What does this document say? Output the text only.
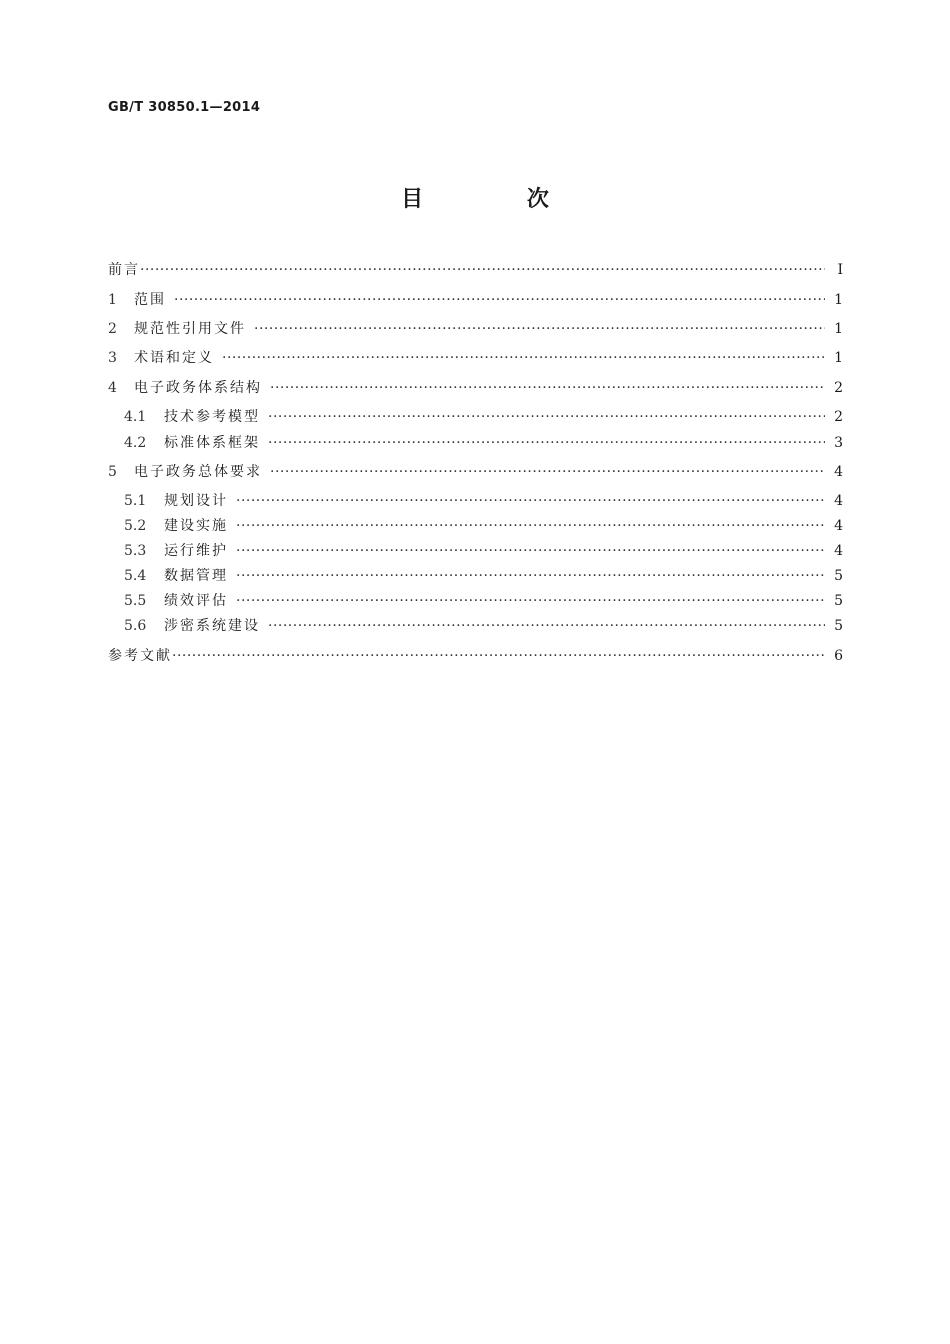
GB/T 30850.1—2014
目 次
前言 ·····	Ⅰ
1	范围 ·····	1
2	规范性引用文件 ·····	1
3	术语和定义 ·····	1
4	电子政务体系结构 ·····	2
4.1	技术参考模型 ·····	2
4.2	标准体系框架 ·····	3
5	电子政务总体要求 ·····	4
5.1	规划设计 ·····	4
5.2	建设实施 ·····	4
5.3	运行维护 ·····	4
5.4	数据管理 ·····	5
5.5	绩效评估 ·····	5
5.6	涉密系统建设 ·····	5
参考文献 ·····	6
